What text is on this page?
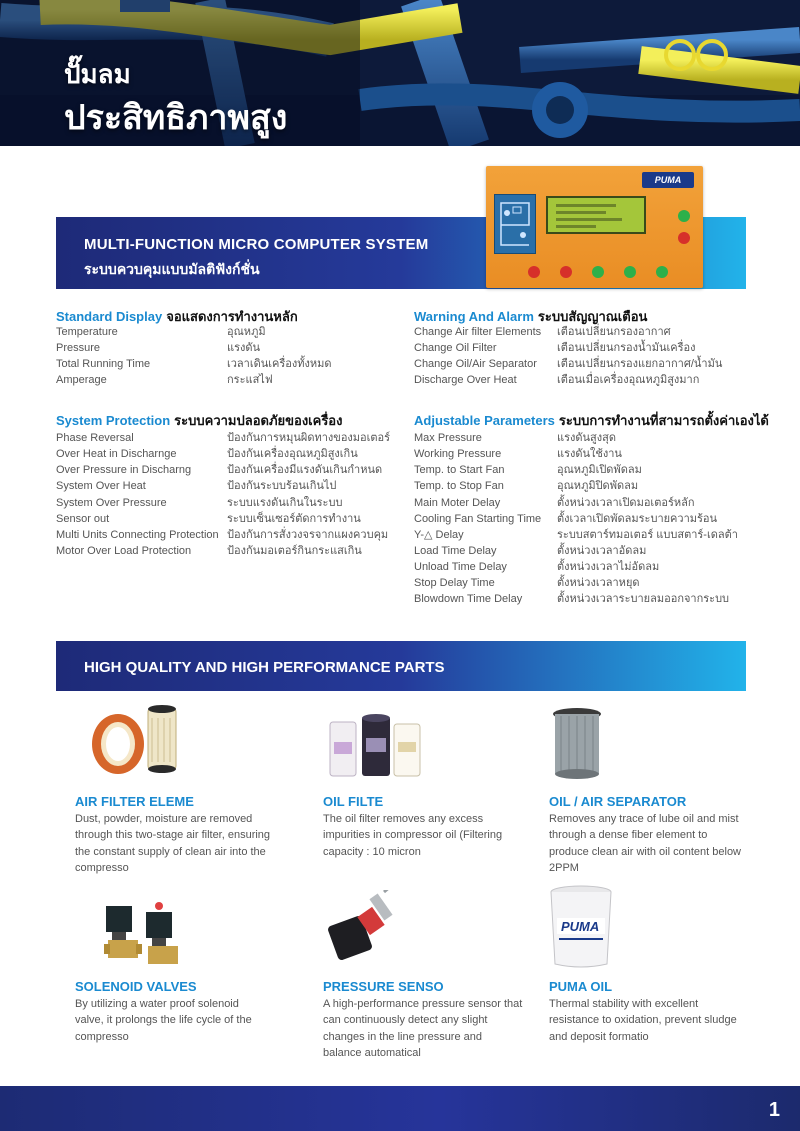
ปั๊มลม
ประสิทธิภาพสูง
MULTI-FUNCTION MICRO COMPUTER SYSTEM
ระบบควบคุมแบบมัลติฟังก์ชั่น
PUMA
Standard Display จอแสดงการทำงานหลัก
Temperature	อุณหภูมิ
Pressure	แรงดัน
Total Running Time	เวลาเดินเครื่องทั้งหมด
Amperage	กระแสไฟ
Warning And Alarm ระบบสัญญาณเตือน
Change Air filter Elements	เตือนเปลี่ยนกรองอากาศ
Change Oil Filter	เตือนเปลี่ยนกรองน้ำมันเครื่อง
Change Oil/Air Separator	เตือนเปลี่ยนกรองแยกอากาศ/น้ำมัน
Discharge Over Heat	เตือนเมื่อเครื่องอุณหภูมิสูงมาก
System Protection ระบบความปลอดภัยของเครื่อง
Phase Reversal	ป้องกันการหมุนผิดทางของมอเตอร์
Over Heat in Discharnge	ป้องกันเครื่องอุณหภูมิสูงเกิน
Over Pressure in Discharng	ป้องกันเครื่องมีแรงดันเกินกำหนด
System Over Heat	ป้องกันระบบร้อนเกินไป
System Over Pressure	ระบบแรงดันเกินในระบบ
Sensor out	ระบบเซ็นเซอร์ตัดการทำงาน
Multi Units Connecting Protection ป้องกันการสั่งวงจรจากแผงควบคุม
Motor Over Load Protection	ป้องกันมอเตอร์กินกระแสเกิน
Adjustable Parameters ระบบการทำงานที่สามารถตั้งค่าเองได้
Max Pressure	แรงดันสูงสุด
Working Pressure	แรงดันใช้งาน
Temp. to Start Fan	อุณหภูมิเปิดพัดลม
Temp. to Stop Fan	อุณหภูมิปิดพัดลม
Main Moter Delay	ตั้งหน่วงเวลาเปิดมอเตอร์หลัก
Cooling Fan Starting Time	ตั้งเวลาเปิดพัดลมระบายความร้อน
Y-△ Delay	ระบบสตาร์ทมอเตอร์ แบบสตาร์-เดลต้า
Load Time Delay	ตั้งหน่วงเวลาอัดลม
Unload Time Delay	ตั้งหน่วงเวลาไม่อัดลม
Stop Delay Time	ตั้งหน่วงเวลาหยุด
Blowdown Time Delay	ตั้งหน่วงเวลาระบายลมออกจากระบบ
HIGH QUALITY AND HIGH PERFORMANCE PARTS
AIR FILTER ELEME
Dust, powder, moisture are removed through this two-stage air filter, ensuring the constant supply of clean air into the compresso
OIL FILTE
The oil filter removes any excess impurities in compressor oil (Filtering capacity : 10 micron
OIL / AIR SEPARATOR
Removes any trace of lube oil and mist through a dense fiber element to produce clean air with oil content below 2PPM
SOLENOID VALVES
By utilizing a water proof solenoid valve, it prolongs the life cycle of the compresso
PRESSURE SENSO
A high-performance pressure sensor that can continuously detect any slight changes in the line pressure and balance automatical
PUMA
PUMA OIL
Thermal stability with excellent resistance to oxidation, prevent sludge and deposit formatio
1
